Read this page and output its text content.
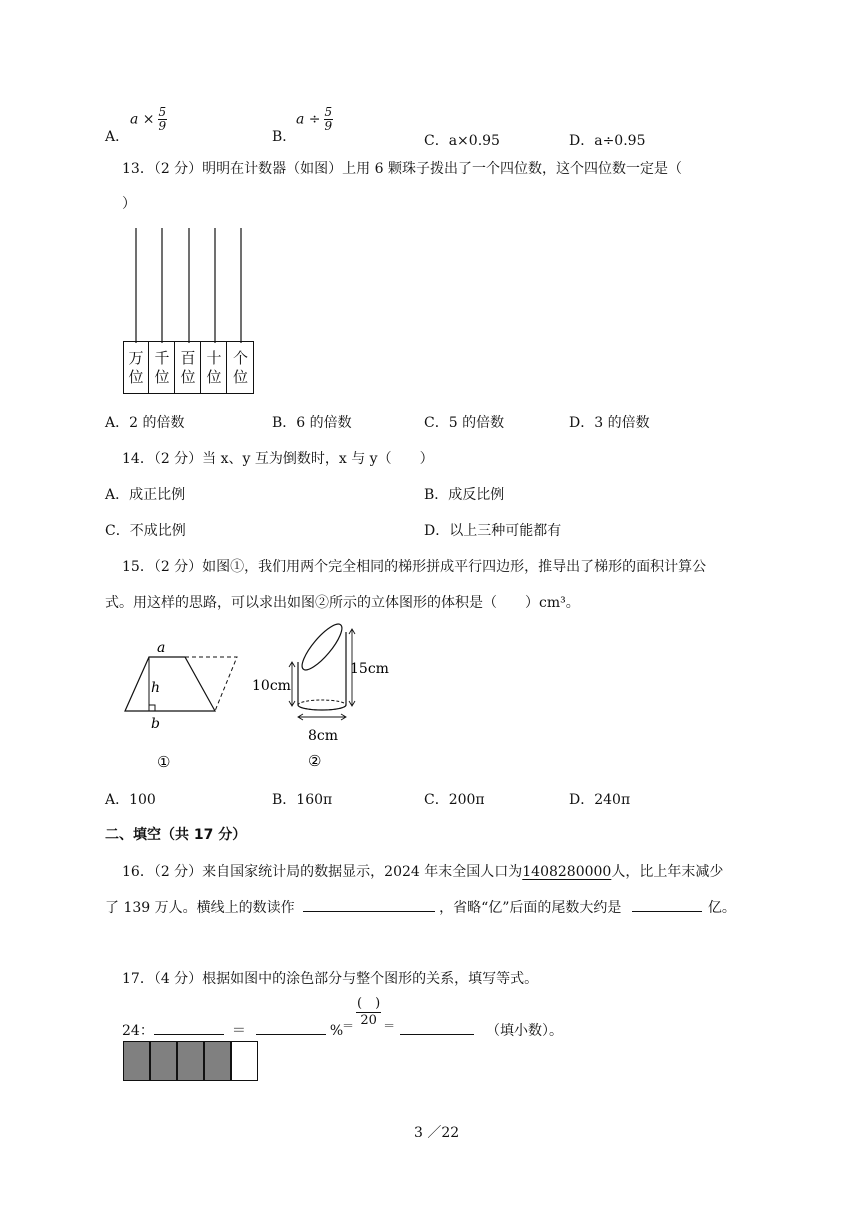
A．
$a \times \frac{5}{9}$
B．
$a \div \frac{5}{9}$
C．a×0.95	D．a÷0.95
13．（2 分）明明在计数器（如图）上用 6 颗珠子拨出了一个四位数，这个四位数一定是（
）
万
位
千
位
百
位
十
位
个
位
A．2 的倍数	B．6 的倍数	C．5 的倍数	D．3 的倍数
14．（2 分）当 x、y 互为倒数时，x 与 y（　　）
A．成正比例	B．成反比例
C．不成比例	D．以上三种可能都有
15．（2 分）如图①，我们用两个完全相同的梯形拼成平行四边形，推导出了梯形的面积计算公
式。用这样的思路，可以求出如图②所示的立体图形的体积是（　　）cm³。
a
h
b
①
10cm
15cm
8cm
②
A．100	B．160π	C．200π	D．240π
二、填空（共 17 分）
16．（2 分）来自国家统计局的数据显示，2024 年末全国人口为1408280000人，比上年末减少
了 139 万人。横线上的数读作	，省略“亿”后面的尾数大约是	亿。
17．（4 分）根据如图中的涂色部分与整个图形的关系，填写等式。
24：	＝	%
＝ $\frac{( )}{20}$ ＝	（填小数）。
3 ／22
